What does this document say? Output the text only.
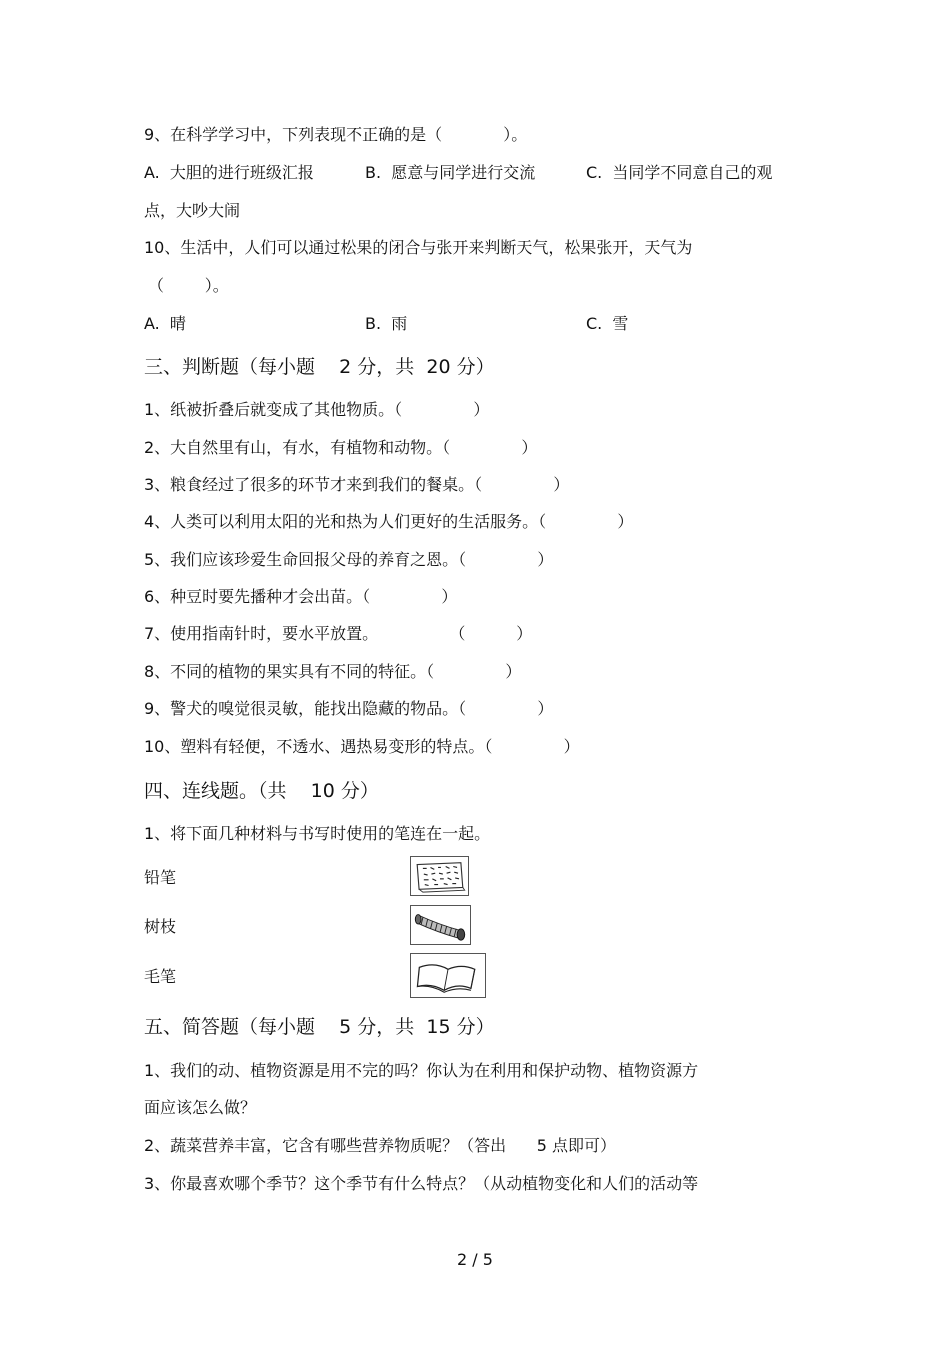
9、在科学学习中，下列表现不正确的是（            ）。
A.  大胆的进行班级汇报	B.  愿意与同学进行交流	C.  当同学不同意自己的观
点，大吵大闹
10、生活中，人们可以通过松果的闭合与张开来判断天气，松果张开，天气为
（        ）。
A.  晴	B.  雨	C.  雪
三、判断题（每小题    2 分，共  20 分）
1、纸被折叠后就变成了其他物质。（              ）
2、大自然里有山，有水，有植物和动物。（              ）
3、粮食经过了很多的环节才来到我们的餐桌。（              ）
4、人类可以利用太阳的光和热为人们更好的生活服务。（              ）
5、我们应该珍爱生命回报父母的养育之恩。（              ）
6、种豆时要先播种才会出苗。（              ）
7、使用指南针时，要水平放置。              （          ）
8、不同的植物的果实具有不同的特征。（              ）
9、警犬的嗅觉很灵敏，能找出隐藏的物品。（              ）
10、塑料有轻便，不透水、遇热易变形的特点。（              ）
四、连线题。（共    10 分）
1、将下面几种材料与书写时使用的笔连在一起。
铅笔
树枝
毛笔
五、简答题（每小题    5 分，共  15 分）
1、我们的动、植物资源是用不完的吗？你认为在利用和保护动物、植物资源方
面应该怎么做？
2、蔬菜营养丰富，它含有哪些营养物质呢？（答出      5 点即可）
3、你最喜欢哪个季节？这个季节有什么特点？（从动植物变化和人们的活动等
2 / 5
